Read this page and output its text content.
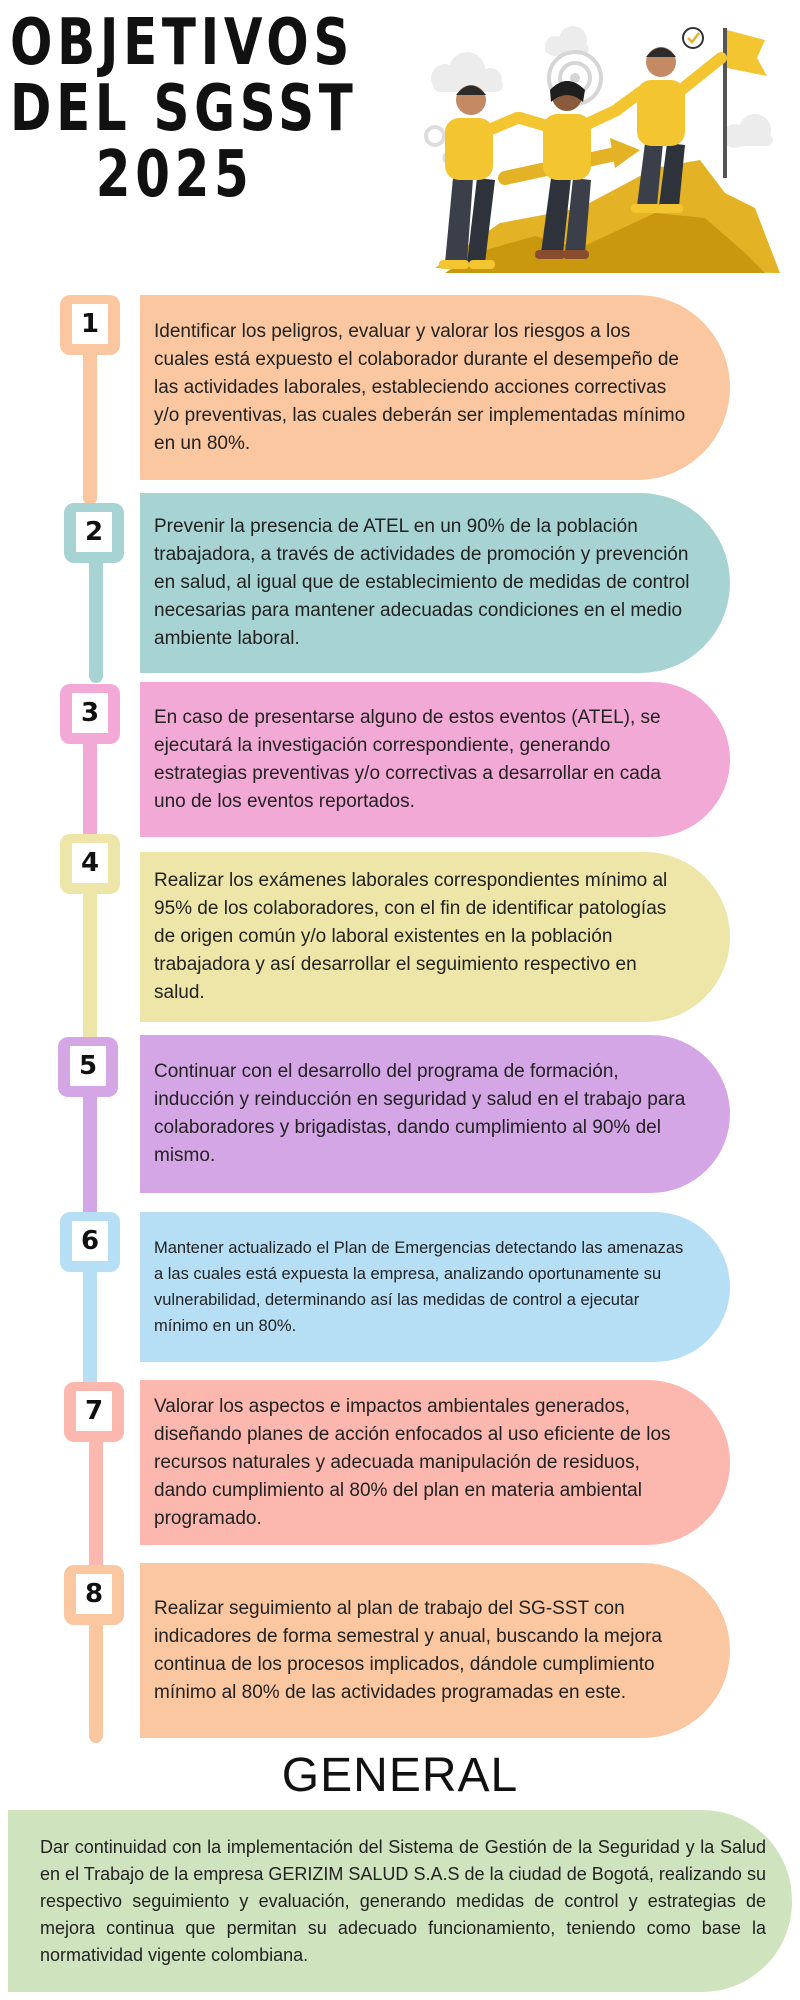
OBJETIVOS
DEL SGSST
2025
1	Identificar los peligros, evaluar y valorar los riesgos a los cuales está expuesto el colaborador durante el desempeño de las actividades laborales, estableciendo acciones correctivas y/o preventivas, las cuales deberán ser implementadas mínimo en un 80%.
2	Prevenir la presencia de ATEL en un 90% de la población trabajadora, a través de actividades de promoción y prevención en salud, al igual que de establecimiento de medidas de control necesarias para mantener adecuadas condiciones en el medio ambiente laboral.
3	En caso de presentarse alguno de estos eventos (ATEL), se ejecutará la investigación correspondiente, generando estrategias preventivas y/o correctivas a desarrollar en cada uno de los eventos reportados.
4
Realizar los exámenes laborales correspondientes mínimo al 95% de los colaboradores, con el fin de identificar patologías de origen común y/o laboral existentes en la población trabajadora y así desarrollar el seguimiento respectivo en salud.
5	Continuar con el desarrollo del programa de formación, inducción y reinducción en seguridad y salud en el trabajo para colaboradores y brigadistas, dando cumplimiento al 90% del mismo.
6	Mantener actualizado el Plan de Emergencias detectando las amenazas a las cuales está expuesta la empresa, analizando oportunamente su vulnerabilidad, determinando así las medidas de control a ejecutar mínimo en un 80%.
7	Valorar los aspectos e impactos ambientales generados, diseñando planes de acción enfocados al uso eficiente de los recursos naturales y adecuada manipulación de residuos, dando cumplimiento al 80% del plan en materia ambiental programado.
8	Realizar seguimiento al plan de trabajo del SG-SST con indicadores de forma semestral y anual, buscando la mejora continua de los procesos implicados, dándole cumplimiento mínimo al 80% de las actividades programadas en este.
GENERAL
Dar continuidad con la implementación del Sistema de Gestión de la Seguridad y la Salud en el Trabajo de la empresa GERIZIM SALUD S.A.S de la ciudad de Bogotá, realizando su respectivo seguimiento y evaluación, generando medidas de control y estrategias de mejora continua que permitan su adecuado funcionamiento, teniendo como base la normatividad vigente colombiana.
